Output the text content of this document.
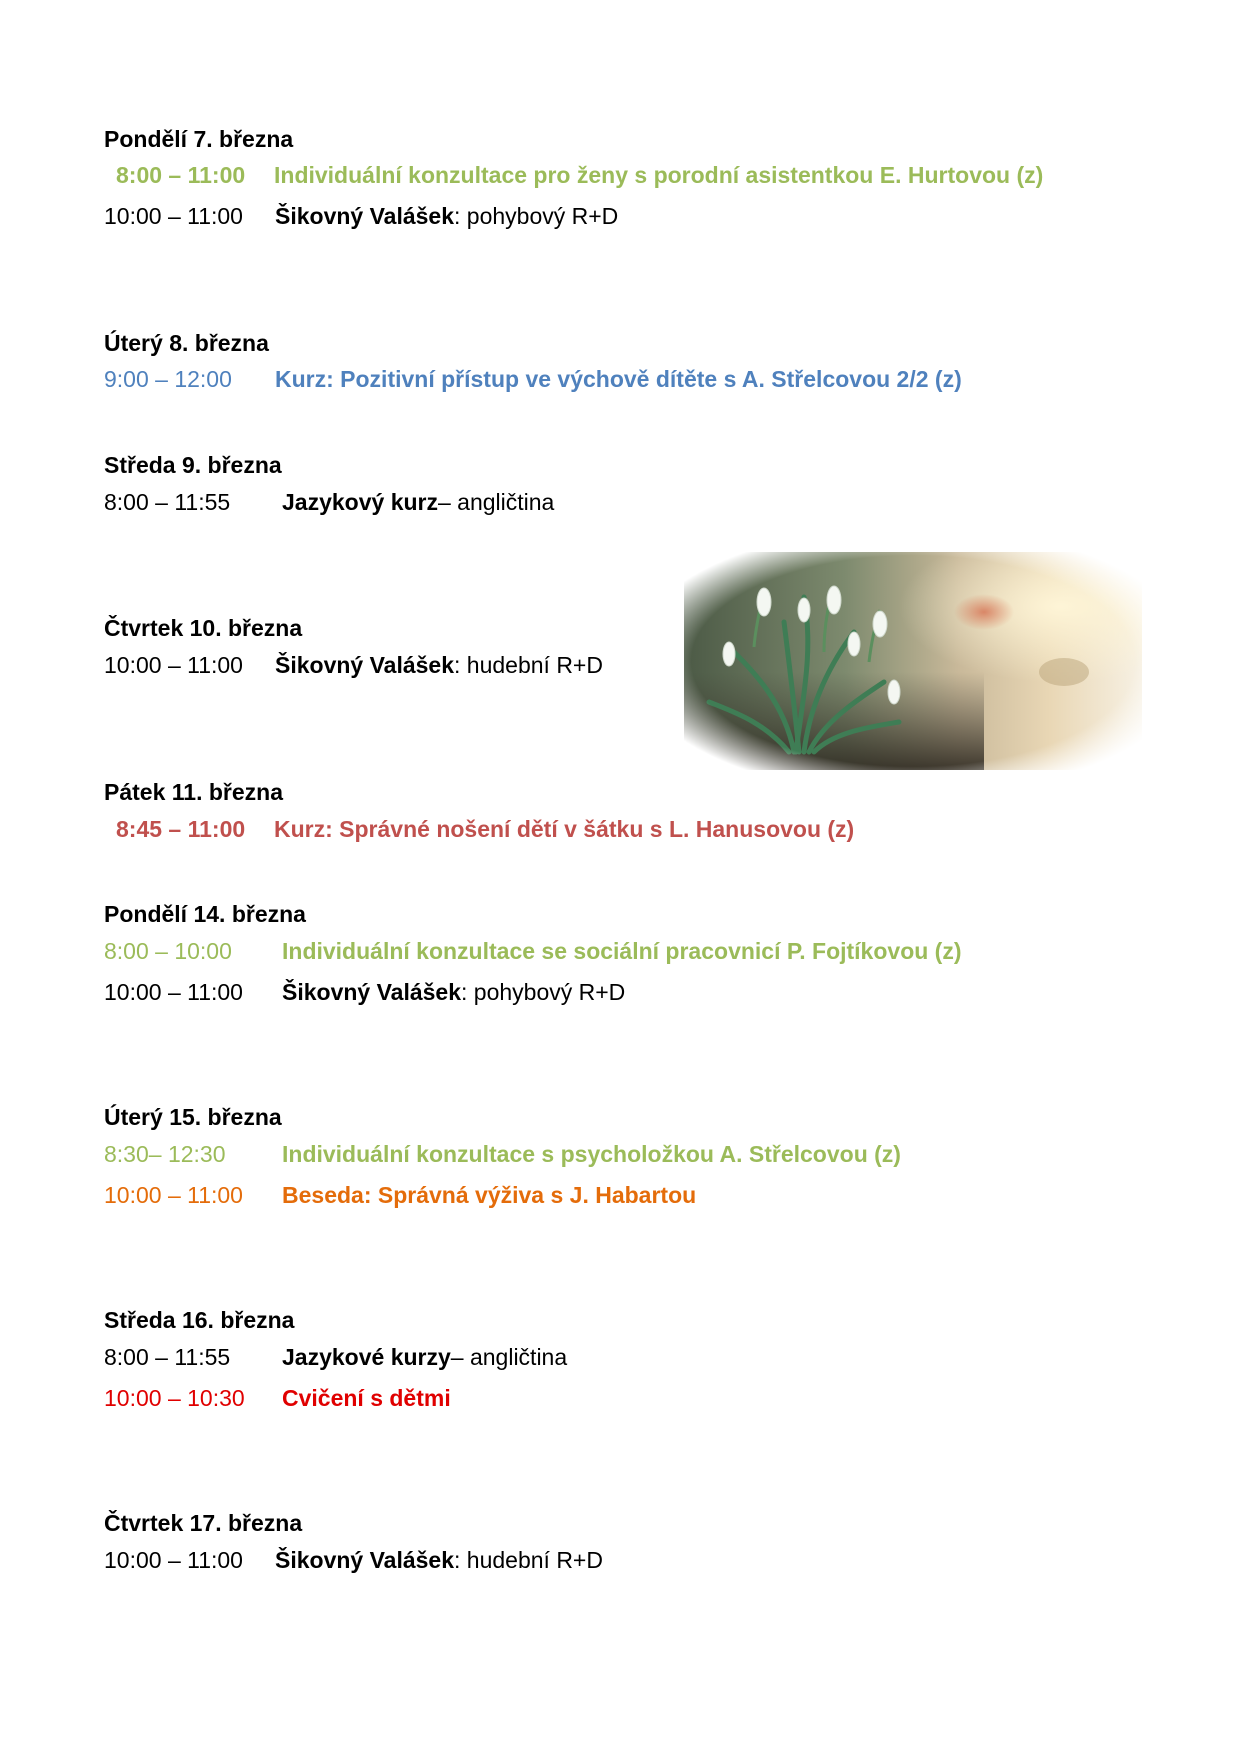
Pondělí 7. března
8:00 – 11:00 Individuální konzultace pro ženy s porodní asistentkou E. Hurtovou (z)
10:00 – 11:00 Šikovný Valášek: pohybový R+D
Úterý 8. března
9:00 – 12:00 Kurz: Pozitivní přístup ve výchově dítěte s A. Střelcovou 2/2 (z)
Středa 9. března
8:00 – 11:55 Jazykový kurz– angličtina
Čtvrtek 10. března
10:00 – 11:00 Šikovný Valášek: hudební R+D
Pátek 11. března
8:45 – 11:00 Kurz: Správné nošení dětí v šátku s L. Hanusovou (z)
Pondělí 14. března
8:00 – 10:00 Individuální konzultace se sociální pracovnicí P. Fojtíkovou (z)
10:00 – 11:00 Šikovný Valášek: pohybový R+D
Úterý 15. března
8:30– 12:30 Individuální konzultace s psycholožkou A. Střelcovou (z)
10:00 – 11:00 Beseda: Správná výživa s J. Habartou
Středa 16. března
8:00 – 11:55 Jazykové kurzy– angličtina
10:00 – 10:30 Cvičení s dětmi
Čtvrtek 17. března
10:00 – 11:00 Šikovný Valášek: hudební R+D
